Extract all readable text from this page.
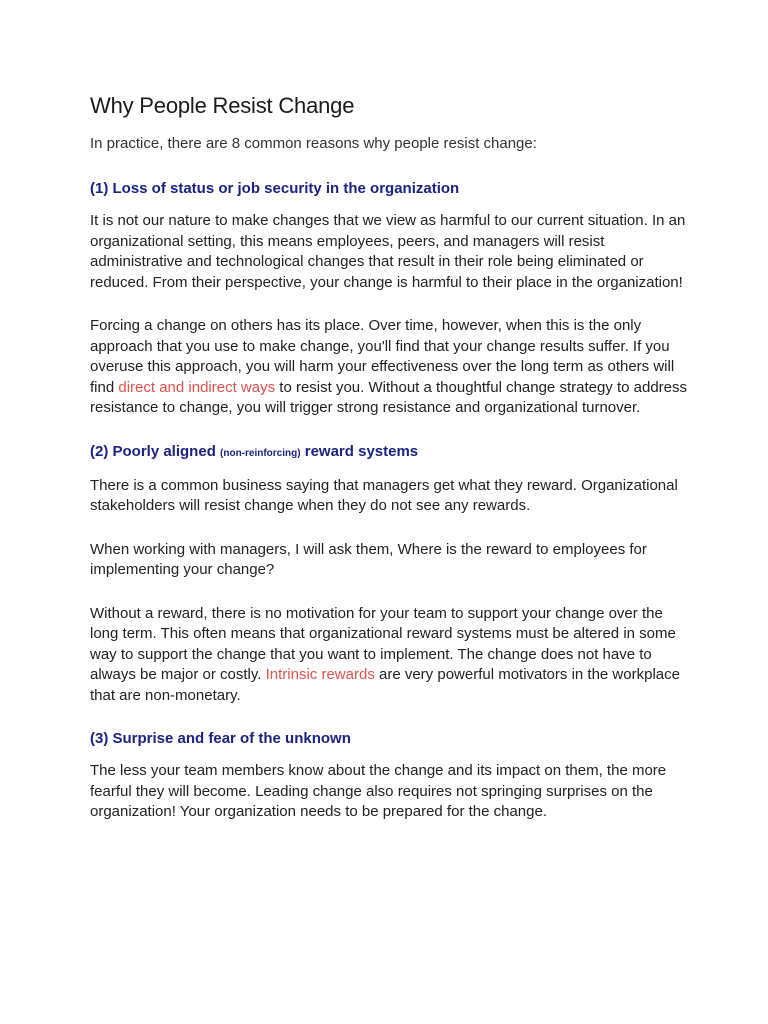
Why People Resist Change

In practice, there are 8 common reasons why people resist change:

(1) Loss of status or job security in the organization

It is not our nature to make changes that we view as harmful to our current situation. In an organizational setting, this means employees, peers, and managers will resist administrative and technological changes that result in their role being eliminated or reduced. From their perspective, your change is harmful to their place in the organization!

Forcing a change on others has its place. Over time, however, when this is the only approach that you use to make change, you'll find that your change results suffer. If you overuse this approach, you will harm your effectiveness over the long term as others will find direct and indirect ways to resist you. Without a thoughtful change strategy to address resistance to change, you will trigger strong resistance and organizational turnover.

(2) Poorly aligned (non-reinforcing) reward systems

There is a common business saying that managers get what they reward. Organizational stakeholders will resist change when they do not see any rewards.

When working with managers, I will ask them, Where is the reward to employees for implementing your change?

Without a reward, there is no motivation for your team to support your change over the long term. This often means that organizational reward systems must be altered in some way to support the change that you want to implement. The change does not have to always be major or costly. Intrinsic rewards are very powerful motivators in the workplace that are non-monetary.

(3) Surprise and fear of the unknown

The less your team members know about the change and its impact on them, the more fearful they will become. Leading change also requires not springing surprises on the organization! Your organization needs to be prepared for the change.
